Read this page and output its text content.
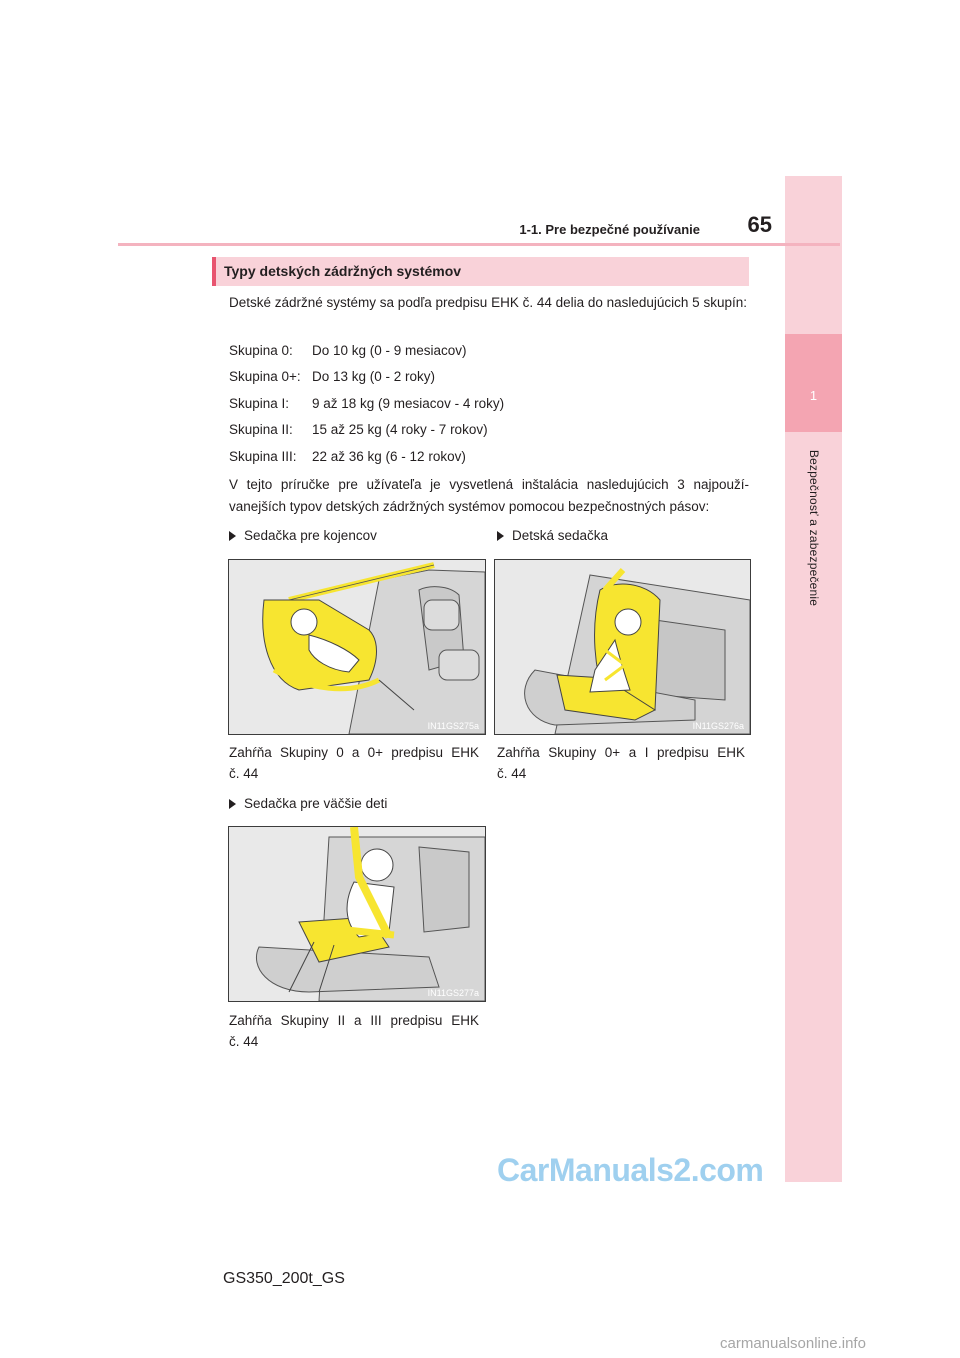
1
Bezpečnosť a zabezpečenie
1-1. Pre bezpečné používanie	65
Typy detských zádržných systémov
Detské zádržné systémy sa podľa predpisu EHK č. 44 delia do nasledujúcich 5 skupín:
Skupina 0: Do 10 kg (0 - 9 mesiacov)
Skupina 0+: Do 13 kg (0 - 2 roky)
Skupina I: 9 až 18 kg (9 mesiacov - 4 roky)
Skupina II: 15 až 25 kg (4 roky - 7 rokov)
Skupina III: 22 až 36 kg (6 - 12 rokov)
V tejto príručke pre užívateľa je vysvetlená inštalácia nasledujúcich 3 najpoužívanejších typov detských zádržných systémov pomocou bezpečnostných pásov:
Sedačka pre kojencov
IN11GS275a
Zahŕňa Skupiny 0 a 0+ predpisu EHK
č. 44
Detská sedačka
IN11GS276a
Zahŕňa Skupiny 0+ a I predpisu EHK
č. 44
Sedačka pre väčšie deti
IN11GS277a
Zahŕňa Skupiny II a III predpisu EHK
č. 44
CarManuals2.com
GS350_200t_GS
carmanualsonline.info
